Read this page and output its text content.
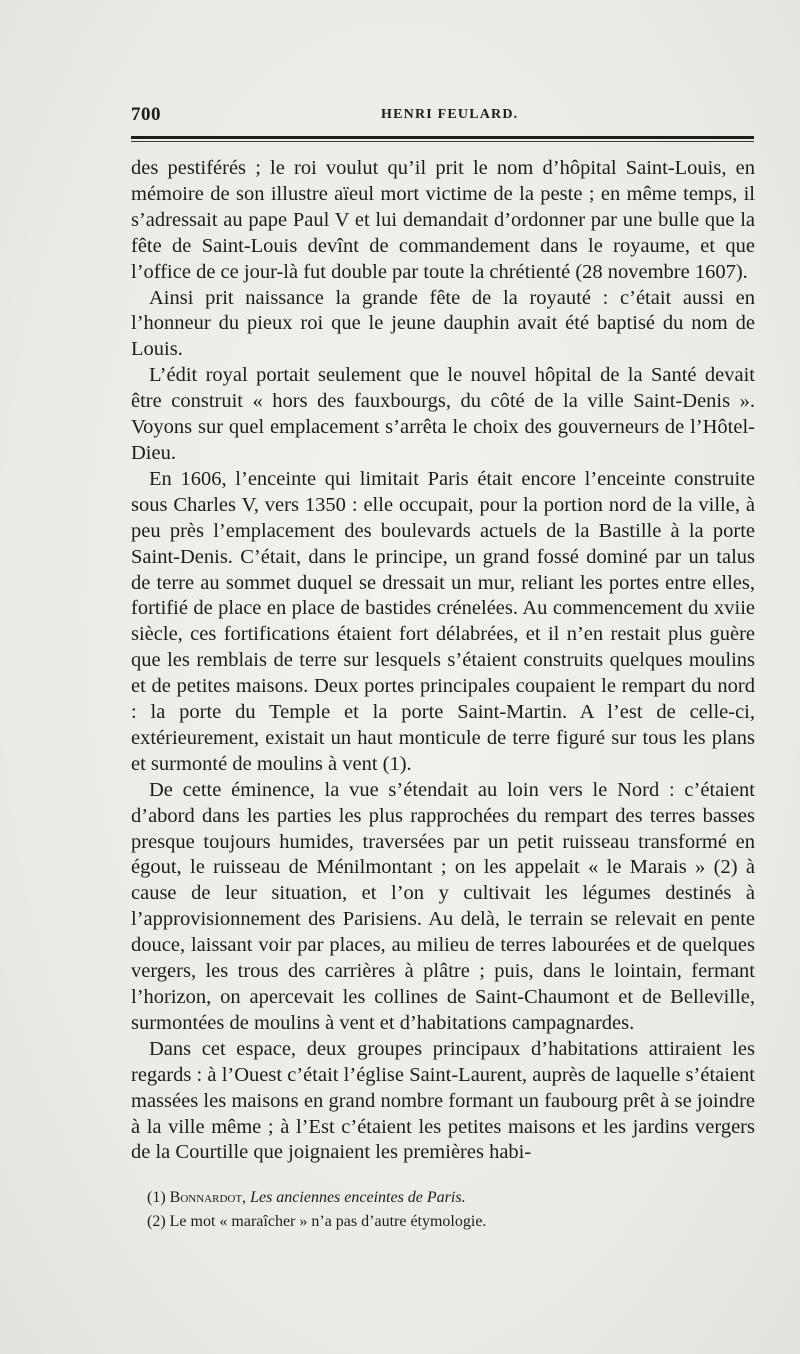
700	HENRI FEULARD.

des pestiférés ; le roi voulut qu’il prit le nom d’hôpital Saint-Louis, en mémoire de son illustre aïeul mort victime de la peste ; en même temps, il s’adressait au pape Paul V et lui demandait d’ordonner par une bulle que la fête de Saint-Louis devînt de commandement dans le royaume, et que l’office de ce jour-là fut double par toute la chrétienté (28 novembre 1607).

Ainsi prit naissance la grande fête de la royauté : c’était aussi en l’honneur du pieux roi que le jeune dauphin avait été baptisé du nom de Louis.

L’édit royal portait seulement que le nouvel hôpital de la Santé devait être construit « hors des fauxbourgs, du côté de la ville Saint-Denis ». Voyons sur quel emplacement s’arrêta le choix des gouverneurs de l’Hôtel-Dieu.

En 1606, l’enceinte qui limitait Paris était encore l’enceinte construite sous Charles V, vers 1350 : elle occupait, pour la portion nord de la ville, à peu près l’emplacement des boulevards actuels de la Bastille à la porte Saint-Denis. C’était, dans le principe, un grand fossé dominé par un talus de terre au sommet duquel se dressait un mur, reliant les portes entre elles, fortifié de place en place de bastides crénelées. Au commencement du xviie siècle, ces fortifications étaient fort délabrées, et il n’en restait plus guère que les remblais de terre sur lesquels s’étaient construits quelques moulins et de petites maisons. Deux portes principales coupaient le rempart du nord : la porte du Temple et la porte Saint-Martin. A l’est de celle-ci, extérieurement, existait un haut monticule de terre figuré sur tous les plans et surmonté de moulins à vent (1).

De cette éminence, la vue s’étendait au loin vers le Nord : c’étaient d’abord dans les parties les plus rapprochées du rempart des terres basses presque toujours humides, traversées par un petit ruisseau transformé en égout, le ruisseau de Ménilmontant ; on les appelait « le Marais » (2) à cause de leur situation, et l’on y cultivait les légumes destinés à l’approvisionnement des Parisiens. Au delà, le terrain se relevait en pente douce, laissant voir par places, au milieu de terres labourées et de quelques vergers, les trous des carrières à plâtre ; puis, dans le lointain, fermant l’horizon, on apercevait les collines de Saint-Chaumont et de Belleville, surmontées de moulins à vent et d’habitations campagnardes.

Dans cet espace, deux groupes principaux d’habitations attiraient les regards : à l’Ouest c’était l’église Saint-Laurent, auprès de laquelle s’étaient massées les maisons en grand nombre formant un faubourg prêt à se joindre à la ville même ; à l’Est c’étaient les petites maisons et les jardins vergers de la Courtille que joignaient les premières habi-

(1) Bonnardot, Les anciennes enceintes de Paris.

(2) Le mot « maraîcher » n’a pas d’autre étymologie.
